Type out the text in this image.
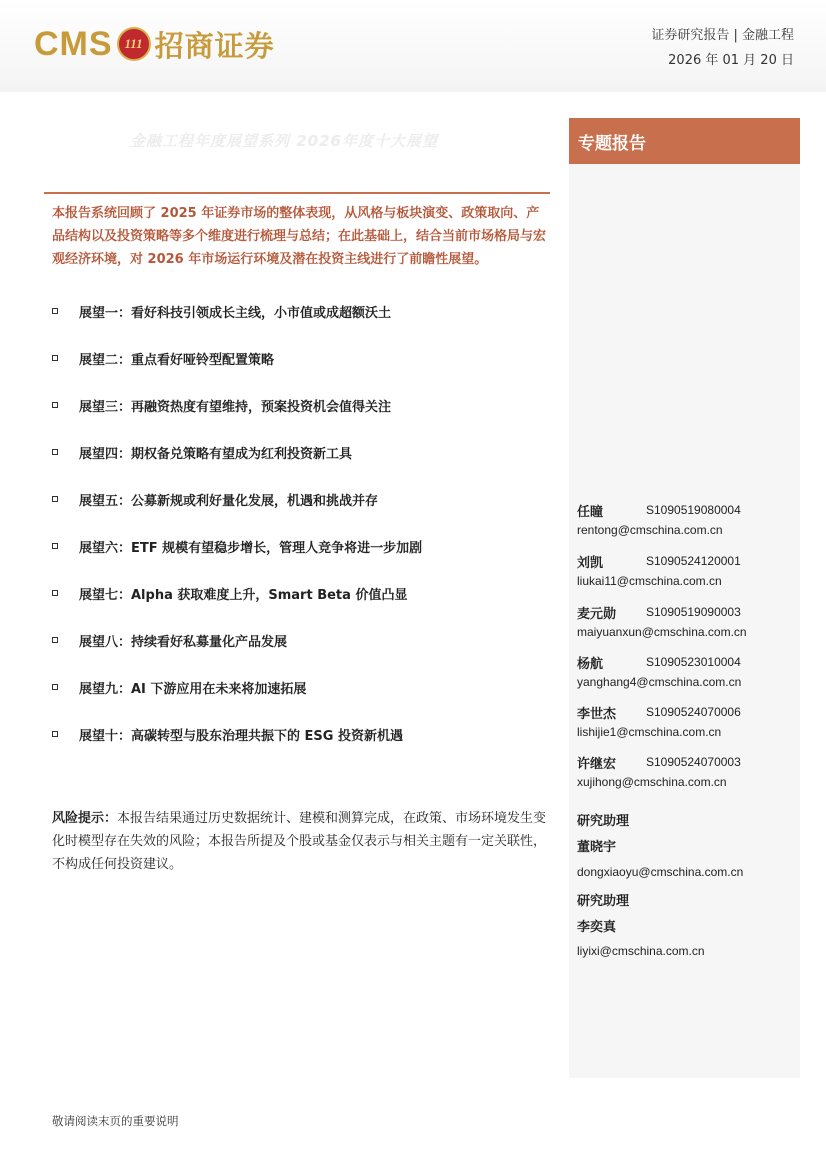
CMS 111 招商证券	证券研究报告 | 金融工程
2026 年 01 月 20 日
专题报告
金融工程年度展望系列 2026年度十大展望
本报告系统回顾了 2025 年证券市场的整体表现，从风格与板块演变、政策取向、产品结构以及投资策略等多个维度进行梳理与总结；在此基础上，结合当前市场格局与宏观经济环境，对 2026 年市场运行环境及潜在投资主线进行了前瞻性展望。
展望一：看好科技引领成长主线，小市值或成超额沃土
展望二：重点看好哑铃型配置策略
展望三：再融资热度有望维持，预案投资机会值得关注
展望四：期权备兑策略有望成为红利投资新工具
展望五：公募新规或利好量化发展，机遇和挑战并存
展望六：ETF 规模有望稳步增长，管理人竞争将进一步加剧
展望七：Alpha 获取难度上升，Smart Beta 价值凸显
展望八：持续看好私募量化产品发展
展望九：AI 下游应用在未来将加速拓展
展望十：高碳转型与股东治理共振下的 ESG 投资新机遇
风险提示：本报告结果通过历史数据统计、建模和测算完成，在政策、市场环境发生变化时模型存在失效的风险；本报告所提及个股或基金仅表示与相关主题有一定关联性，不构成任何投资建议。
任瞳	S1090519080004
rentong@cmschina.com.cn
刘凯	S1090524120001
liukai11@cmschina.com.cn
麦元勋	S1090519090003
maiyuanxun@cmschina.com.cn
杨航	S1090523010004
yanghang4@cmschina.com.cn
李世杰	S1090524070006
lishijie1@cmschina.com.cn
许继宏	S1090524070003
xujihong@cmschina.com.cn
研究助理
董晓宇
dongxiaoyu@cmschina.com.cn
研究助理
李奕真
liyixi@cmschina.com.cn
敬请阅读末页的重要说明
